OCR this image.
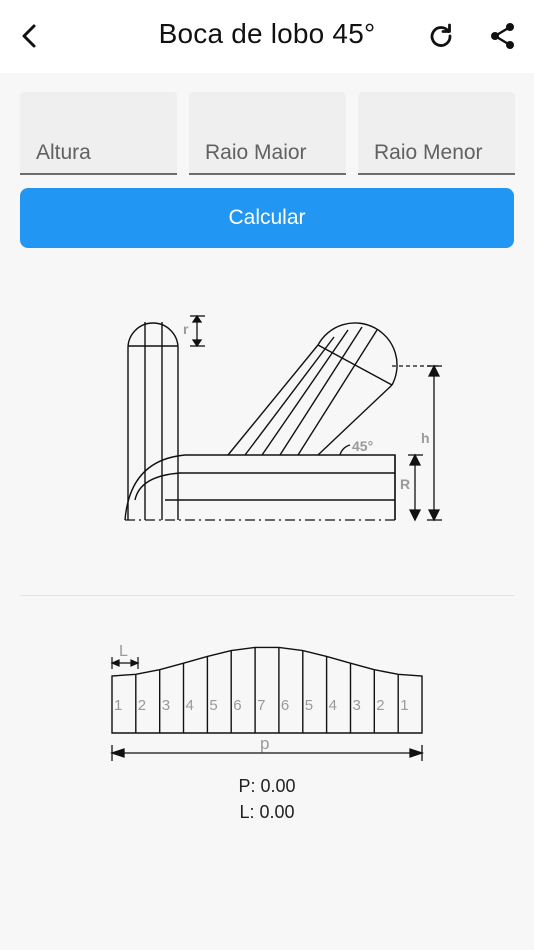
Boca de lobo 45°
Altura
Raio Maior
Raio Menor
Calcular
r
h
R
45°
1 2 3 4 5 6 7 6 5 4 3 2 1
L
p
P: 0.00
L: 0.00
